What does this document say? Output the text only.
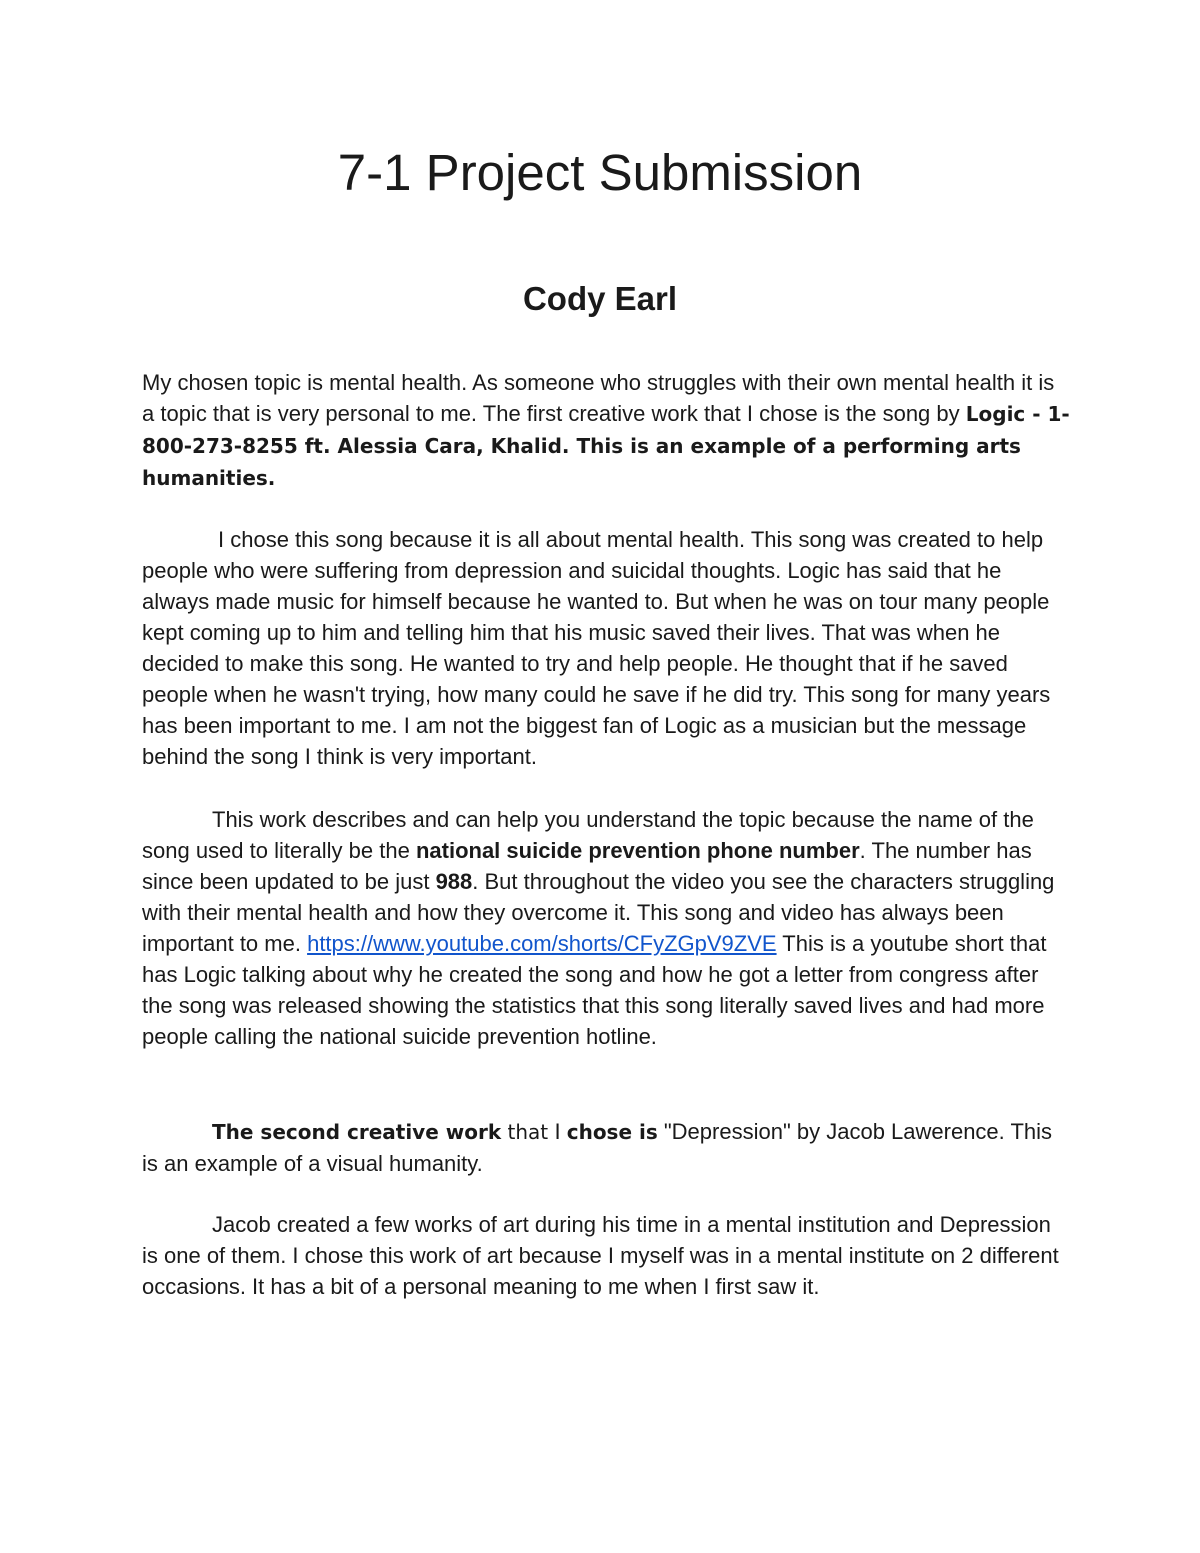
7-1 Project Submission
Cody Earl

My chosen topic is mental health. As someone who struggles with their own mental health it is a topic that is very personal to me. The first creative work that I chose is the song by Logic - 1-800-273-8255 ft. Alessia Cara, Khalid. This is an example of a performing arts humanities.

I chose this song because it is all about mental health. This song was created to help people who were suffering from depression and suicidal thoughts. Logic has said that he always made music for himself because he wanted to. But when he was on tour many people kept coming up to him and telling him that his music saved their lives. That was when he decided to make this song. He wanted to try and help people. He thought that if he saved people when he wasn't trying, how many could he save if he did try. This song for many years has been important to me. I am not the biggest fan of Logic as a musician but the message behind the song I think is very important.

This work describes and can help you understand the topic because the name of the song used to literally be the national suicide prevention phone number. The number has since been updated to be just 988. But throughout the video you see the characters struggling with their mental health and how they overcome it. This song and video has always been important to me. https://www.youtube.com/shorts/CFyZGpV9ZVE This is a youtube short that has Logic talking about why he created the song and how he got a letter from congress after the song was released showing the statistics that this song literally saved lives and had more people calling the national suicide prevention hotline.

The second creative work that I chose is "Depression" by Jacob Lawerence. This is an example of a visual humanity.

Jacob created a few works of art during his time in a mental institution and Depression is one of them. I chose this work of art because I myself was in a mental institute on 2 different occasions. It has a bit of a personal meaning to me when I first saw it.
